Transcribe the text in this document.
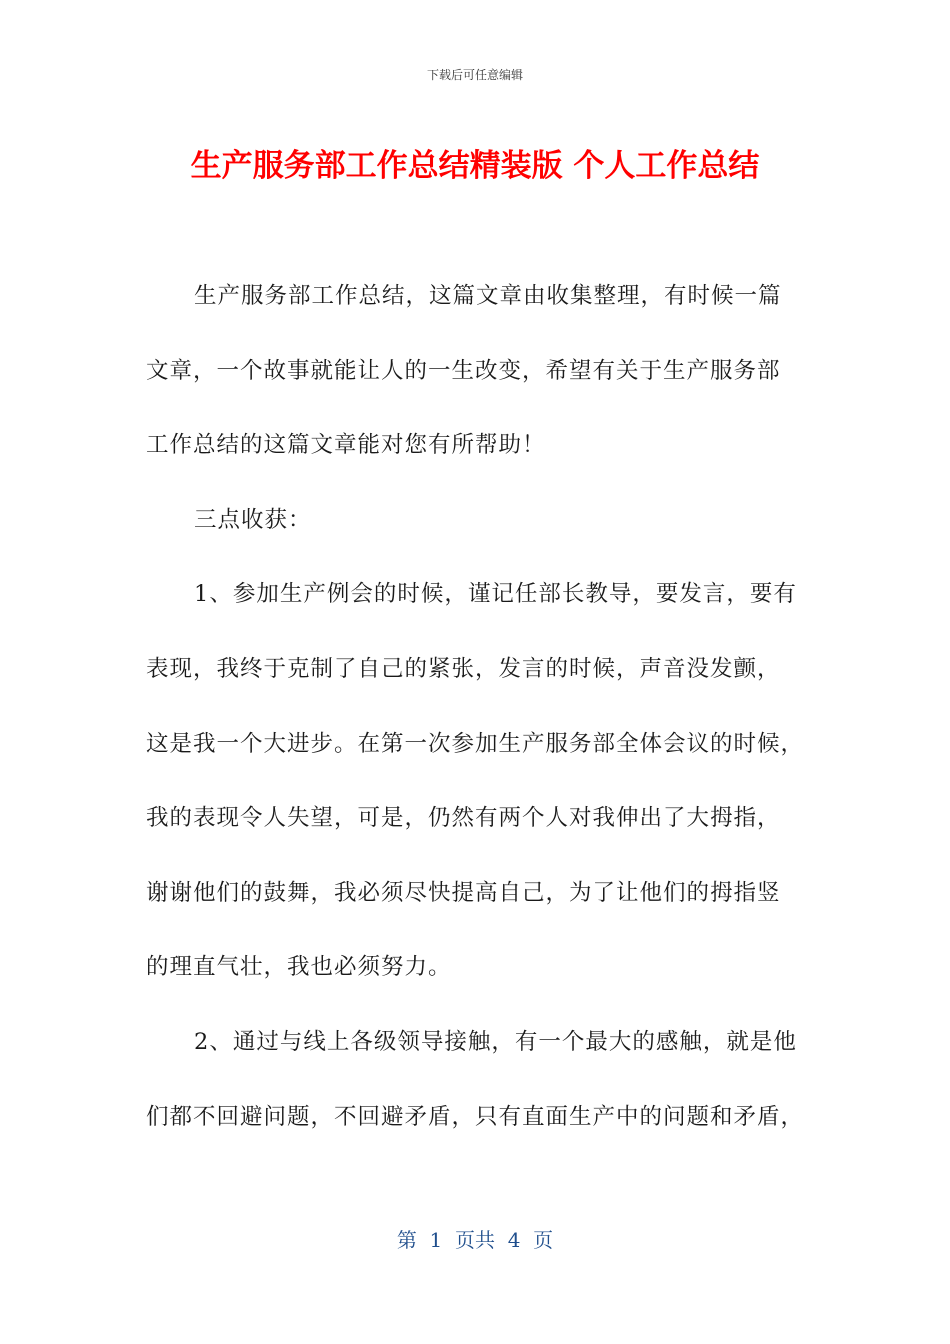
下载后可任意编辑
生产服务部工作总结精装版 个人工作总结
生产服务部工作总结，这篇文章由收集整理，有时候一篇
文章，一个故事就能让人的一生改变，希望有关于生产服务部
工作总结的这篇文章能对您有所帮助！
三点收获：
1、参加生产例会的时候，谨记任部长教导，要发言，要有
表现，我终于克制了自己的紧张，发言的时候，声音没发颤，
这是我一个大进步。在第一次参加生产服务部全体会议的时候，
我的表现令人失望，可是，仍然有两个人对我伸出了大拇指，
谢谢他们的鼓舞，我必须尽快提高自己，为了让他们的拇指竖
的理直气壮，我也必须努力。
2、通过与线上各级领导接触，有一个最大的感触，就是他
们都不回避问题，不回避矛盾，只有直面生产中的问题和矛盾，
第  1  页共  4  页
